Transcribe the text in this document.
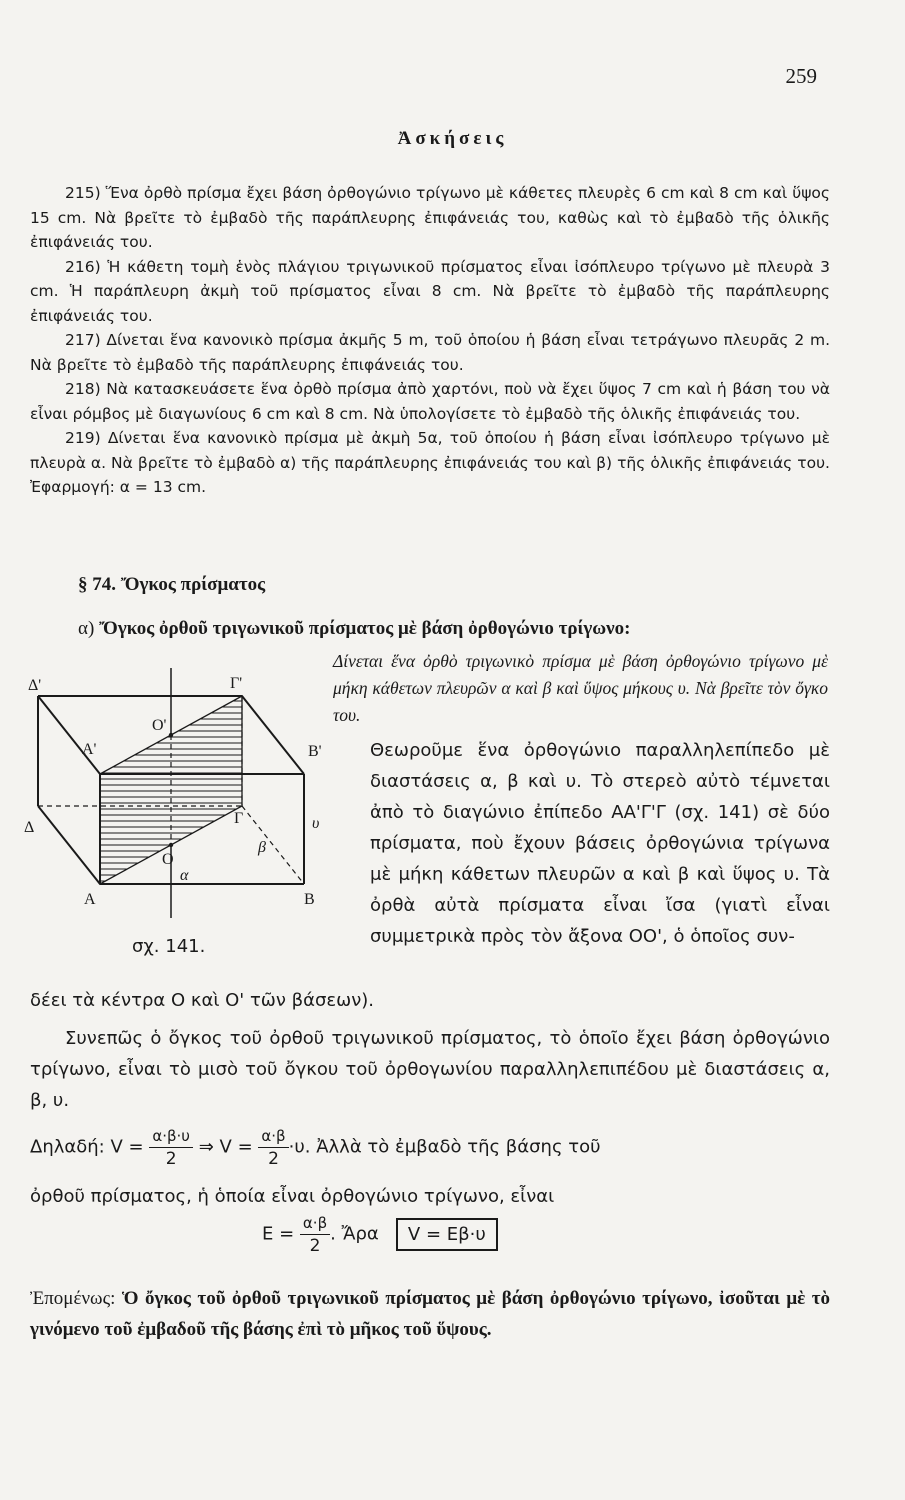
259
Ἀσκήσεις

215) Ἕνα ὀρθὸ πρίσμα ἔχει βάση ὀρθογώνιο τρίγωνο μὲ κάθετες πλευρὲς 6 cm καὶ 8 cm καὶ ὕψος 15 cm. Νὰ βρεῖτε τὸ ἐμβαδὸ τῆς παράπλευρης ἐπιφάνειάς του, καθὼς καὶ τὸ ἐμβαδὸ τῆς ὁλικῆς ἐπιφάνειάς του.

216) Ἡ κάθετη τομὴ ἑνὸς πλάγιου τριγωνικοῦ πρίσματος εἶναι ἰσόπλευρο τρίγωνο μὲ πλευρὰ 3 cm. Ἡ παράπλευρη ἀκμὴ τοῦ πρίσματος εἶναι 8 cm. Νὰ βρεῖτε τὸ ἐμβαδὸ τῆς παράπλευρης ἐπιφάνειάς του.

217) Δίνεται ἕνα κανονικὸ πρίσμα ἀκμῆς 5 m, τοῦ ὁποίου ἡ βάση εἶναι τετράγωνο πλευρᾶς 2 m. Νὰ βρεῖτε τὸ ἐμβαδὸ τῆς παράπλευρης ἐπιφάνειάς του.

218) Νὰ κατασκευάσετε ἕνα ὀρθὸ πρίσμα ἀπὸ χαρτόνι, ποὺ νὰ ἔχει ὕψος 7 cm καὶ ἡ βάση του νὰ εἶναι ρόμβος μὲ διαγωνίους 6 cm καὶ 8 cm. Νὰ ὑπολογίσετε τὸ ἐμβαδὸ τῆς ὁλικῆς ἐπιφάνειάς του.

219) Δίνεται ἕνα κανονικὸ πρίσμα μὲ ἀκμὴ 5α, τοῦ ὁποίου ἡ βάση εἶναι ἰσόπλευρο τρίγωνο μὲ πλευρὰ α. Νὰ βρεῖτε τὸ ἐμβαδὸ α) τῆς παράπλευρης ἐπιφάνειάς του καὶ β) τῆς ὁλικῆς ἐπιφάνειάς του. Ἐφαρμογή: α = 13 cm.

§ 74. Ὄγκος πρίσματος
α) Ὄγκος ὀρθοῦ τριγωνικοῦ πρίσματος μὲ βάση ὀρθογώνιο τρίγωνο:
Δίνεται ἕνα ὀρθὸ τριγωνικὸ πρίσμα μὲ βάση ὀρθογώνιο τρίγωνο μὲ μήκη κάθετων πλευρῶν α καὶ β καὶ ὕψος μήκους υ. Νὰ βρεῖτε τὸν ὄγκο του.
Δ'	Γ'
O'
A'	B'
Δ
Γ
O
A	B
α
β
υ
σχ. 141.
Θεωροῦμε ἕνα ὀρθογώνιο παραλληλεπίπεδο μὲ διαστάσεις α, β καὶ υ. Τὸ στερεὸ αὐτὸ τέμνεται ἀπὸ τὸ διαγώνιο ἐπίπεδο ΑΑ'Γ'Γ (σχ. 141) σὲ δύο πρίσματα, ποὺ ἔχουν βάσεις ὀρθογώνια τρίγωνα μὲ μήκη κάθετων πλευρῶν α καὶ β καὶ ὕψος υ. Τὰ ὀρθὰ αὐτὰ πρίσματα εἶναι ἴσα (γιατὶ εἶναι συμμετρικὰ πρὸς τὸν ἄξονα ΟΟ', ὁ ὁποῖος συν-
δέει τὰ κέντρα Ο καὶ Ο' τῶν βάσεων).
Συνεπῶς ὁ ὄγκος τοῦ ὀρθοῦ τριγωνικοῦ πρίσματος, τὸ ὁποῖο ἔχει βάση ὀρθογώνιο τρίγωνο, εἶναι τὸ μισὸ τοῦ ὄγκου τοῦ ὀρθογωνίου παραλληλεπιπέδου μὲ διαστάσεις α, β, υ.
Δηλαδή: $V = \frac{\alpha\cdot\beta\cdot\upsilon}{2}$ ⇒ $V = \frac{\alpha\cdot\beta}{2} \cdot\upsilon$. Ἀλλὰ τὸ ἐμβαδὸ τῆς βάσης τοῦ
ὀρθοῦ πρίσματος, ἡ ὁποία εἶναι ὀρθογώνιο τρίγωνο, εἶναι
$E = \frac{\alpha\cdot\beta}{2}$ . Ἄρα V = Eβ·υ
Ἐπομένως: Ὁ ὄγκος τοῦ ὀρθοῦ τριγωνικοῦ πρίσματος μὲ βάση ὀρθογώνιο τρίγωνο, ἰσοῦται μὲ τὸ γινόμενο τοῦ ἐμβαδοῦ τῆς βάσης ἐπὶ τὸ μῆκος τοῦ ὕψους.
